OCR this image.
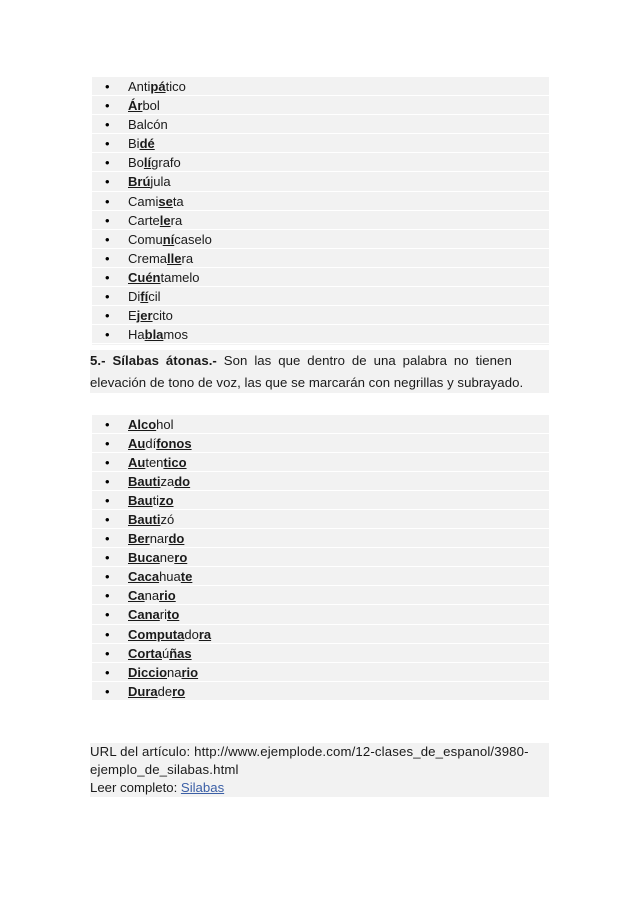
• Antipático
• Árbol
• Balcón
• Bidé
• Bolígrafo
• Brújula
• Camiseta
• Cartelera
• Comunícaselo
• Cremallera
• Cuéntamelo
• Difícil
• Ejercito
• Hablamos
5.- Sílabas átonas.- Son las que dentro de una palabra no tienen
elevación de tono de voz, las que se marcarán con negrillas y subrayado.
• Alcohol
• Audífonos
• Autentico
• Bautizado
• Bautizo
• Bautizó
• Bernardo
• Bucanero
• Cacahuate
• Canario
• Canarito
• Computadora
• Cortaúñas
• Diccionario
• Duradero
URL del artículo: http://www.ejemplode.com/12-clases_de_espanol/3980-
ejemplo_de_silabas.html
Leer completo: Silabas
